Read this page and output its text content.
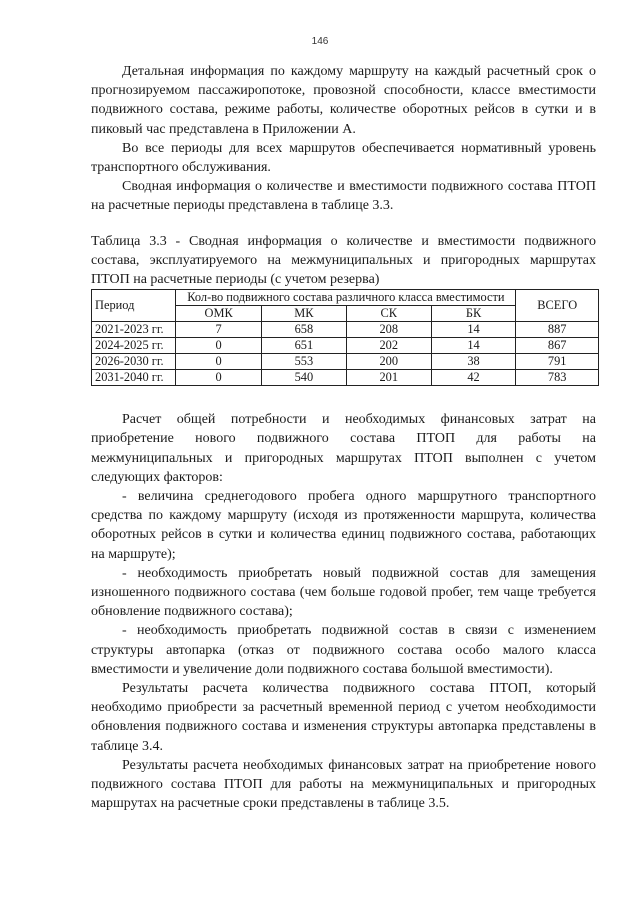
146

Детальная информация по каждому маршруту на каждый расчетный срок о прогнозируемом пассажиропотоке, провозной способности, классе вместимости подвижного состава, режиме работы, количестве оборотных рейсов в сутки и в пиковый час представлена в Приложении А.

Во все периоды для всех маршрутов обеспечивается нормативный уровень транспортного обслуживания.

Сводная информация о количестве и вместимости подвижного состава ПТОП на расчетные периоды представлена в таблице 3.3.

Таблица 3.3 - Сводная информация о количестве и вместимости подвижного состава, эксплуатируемого на межмуниципальных и пригородных маршрутах ПТОП на расчетные периоды (с учетом резерва)

Период	Кол-во подвижного состава различного класса вместимости				ВСЕГО
	ОМК	МК	СК	БК	
2021-2023 гг.	7	658	208	14	887
2024-2025 гг.	0	651	202	14	867
2026-2030 гг.	0	553	200	38	791
2031-2040 гг.	0	540	201	42	783

Расчет общей потребности и необходимых финансовых затрат на приобретение нового подвижного состава ПТОП для работы на межмуниципальных и пригородных маршрутах ПТОП выполнен с учетом следующих факторов:

- величина среднегодового пробега одного маршрутного транспортного средства по каждому маршруту (исходя из протяженности маршрута, количества оборотных рейсов в сутки и количества единиц подвижного состава, работающих на маршруте);

- необходимость приобретать новый подвижной состав для замещения изношенного подвижного состава (чем больше годовой пробег, тем чаще требуется обновление подвижного состава);

- необходимость приобретать подвижной состав в связи с изменением структуры автопарка (отказ от подвижного состава особо малого класса вместимости и увеличение доли подвижного состава большой вместимости).

Результаты расчета количества подвижного состава ПТОП, который необходимо приобрести за расчетный временной период с учетом необходимости обновления подвижного состава и изменения структуры автопарка представлены в таблице 3.4.

Результаты расчета необходимых финансовых затрат на приобретение нового подвижного состава ПТОП для работы на межмуниципальных и пригородных маршрутах на расчетные сроки представлены в таблице 3.5.
